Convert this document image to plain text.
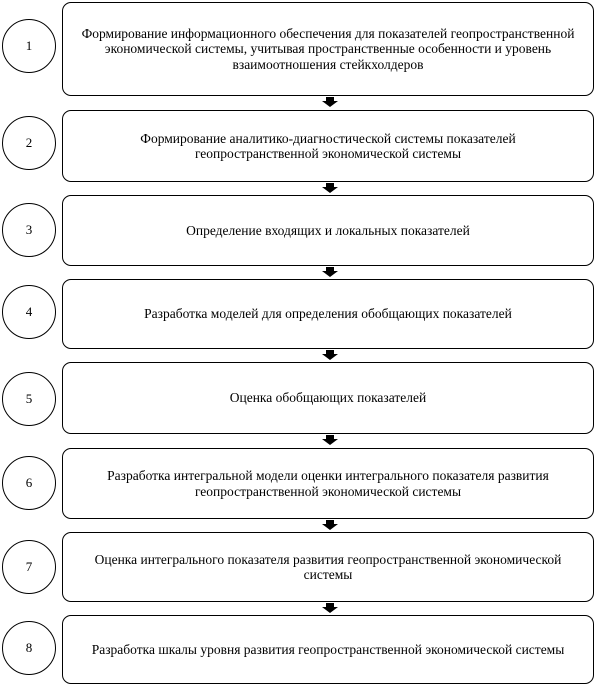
1
Формирование информационного обеспечения для показателей геопространственной экономической системы, учитывая пространственные особенности и уровень взаимоотношения стейкхолдеров
2	Формирование аналитико-диагностической системы показателей геопространственной экономической системы
3	Определение входящих и локальных показателей
4	Разработка моделей для определения обобщающих показателей
5	Оценка обобщающих показателей
6	Разработка интегральной модели оценки интегрального показателя развития геопространственной экономической системы
7	Оценка интегрального показателя развития геопространственной экономической системы
8	Разработка шкалы уровня развития геопространственной экономической системы
